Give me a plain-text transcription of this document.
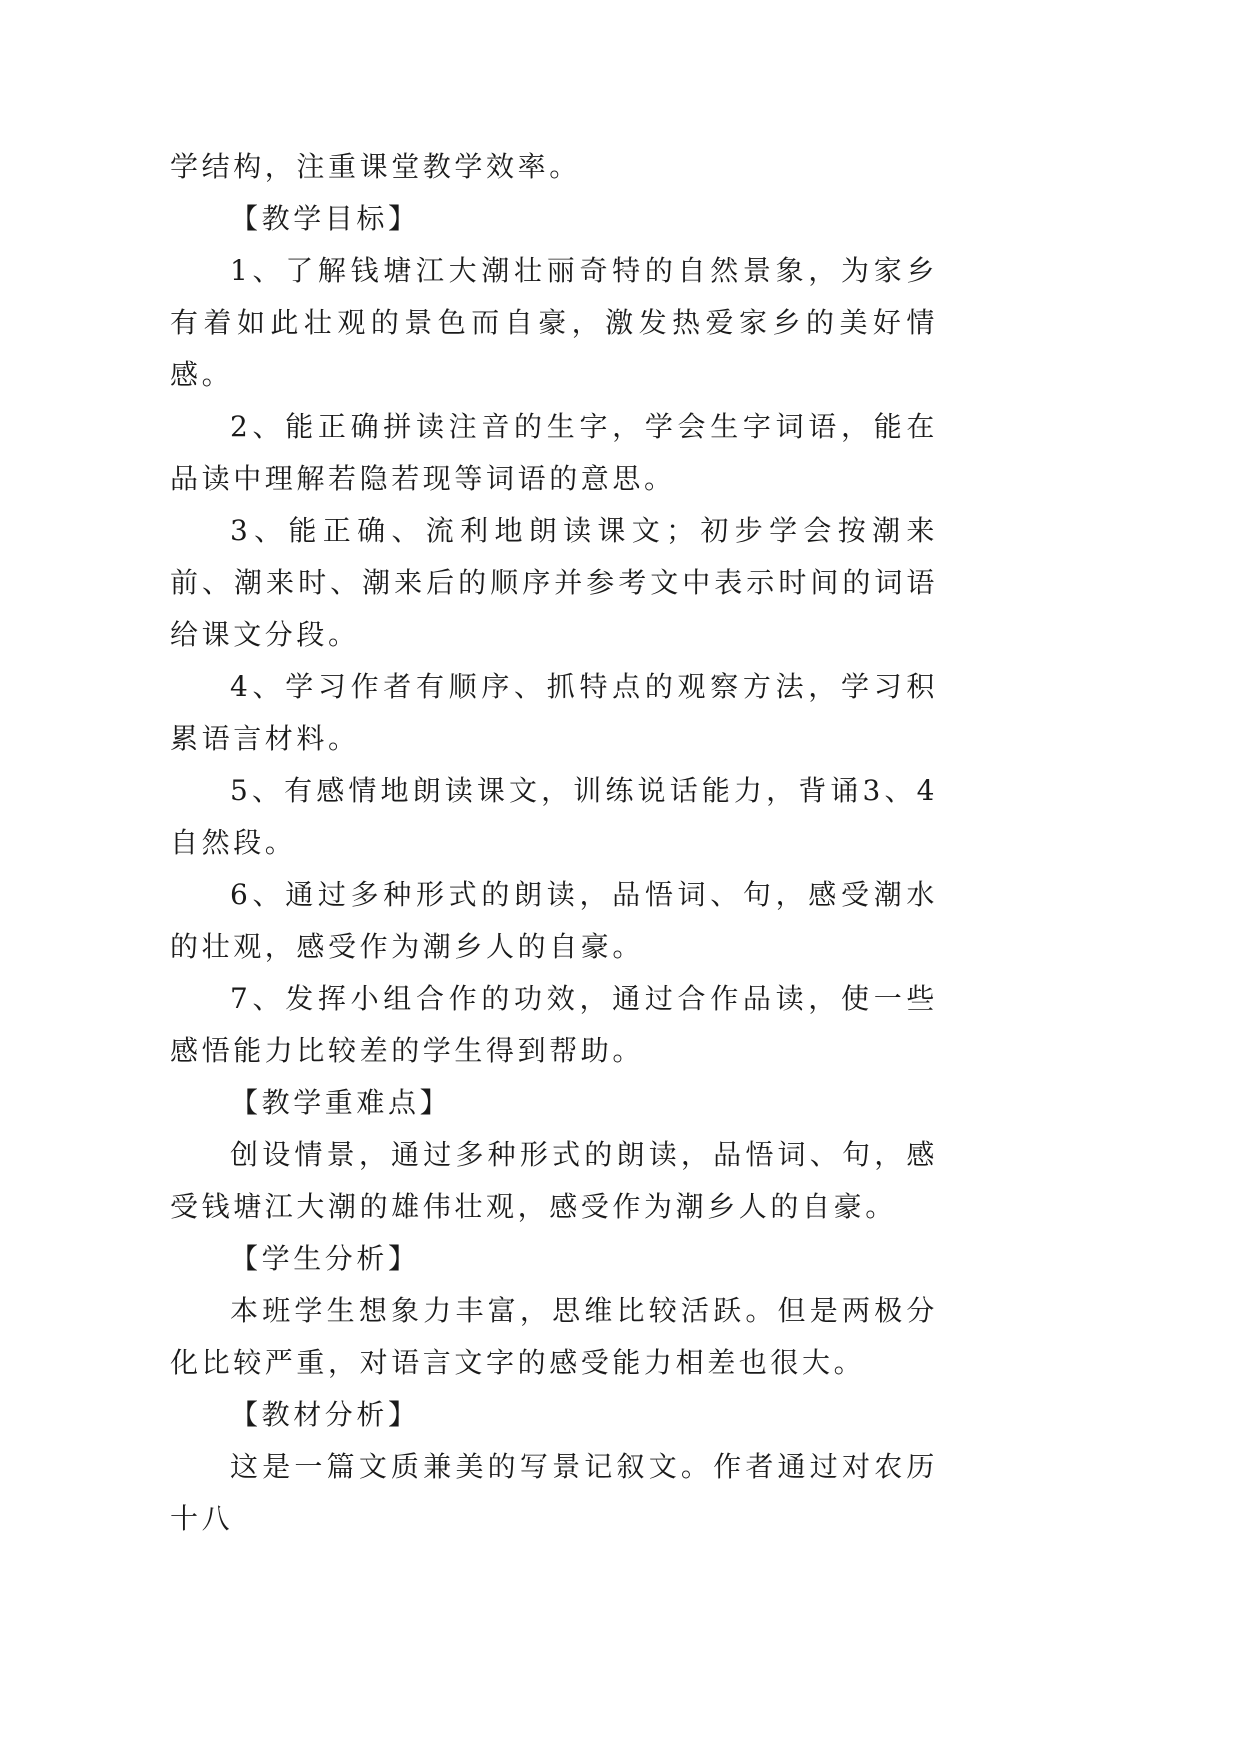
学结构，注重课堂教学效率。

【教学目标】

1、了解钱塘江大潮壮丽奇特的自然景象，为家乡有着如此壮观的景色而自豪，激发热爱家乡的美好情感。

2、能正确拼读注音的生字，学会生字词语，能在品读中理解若隐若现等词语的意思。

3、能正确、流利地朗读课文；初步学会按潮来前、潮来时、潮来后的顺序并参考文中表示时间的词语给课文分段。

4、学习作者有顺序、抓特点的观察方法，学习积累语言材料。

5、有感情地朗读课文，训练说话能力，背诵3、4自然段。

6、通过多种形式的朗读，品悟词、句，感受潮水的壮观，感受作为潮乡人的自豪。

7、发挥小组合作的功效，通过合作品读，使一些感悟能力比较差的学生得到帮助。

【教学重难点】

创设情景，通过多种形式的朗读，品悟词、句，感受钱塘江大潮的雄伟壮观，感受作为潮乡人的自豪。

【学生分析】

本班学生想象力丰富，思维比较活跃。但是两极分化比较严重，对语言文字的感受能力相差也很大。

【教材分析】

这是一篇文质兼美的写景记叙文。作者通过对农历十八
